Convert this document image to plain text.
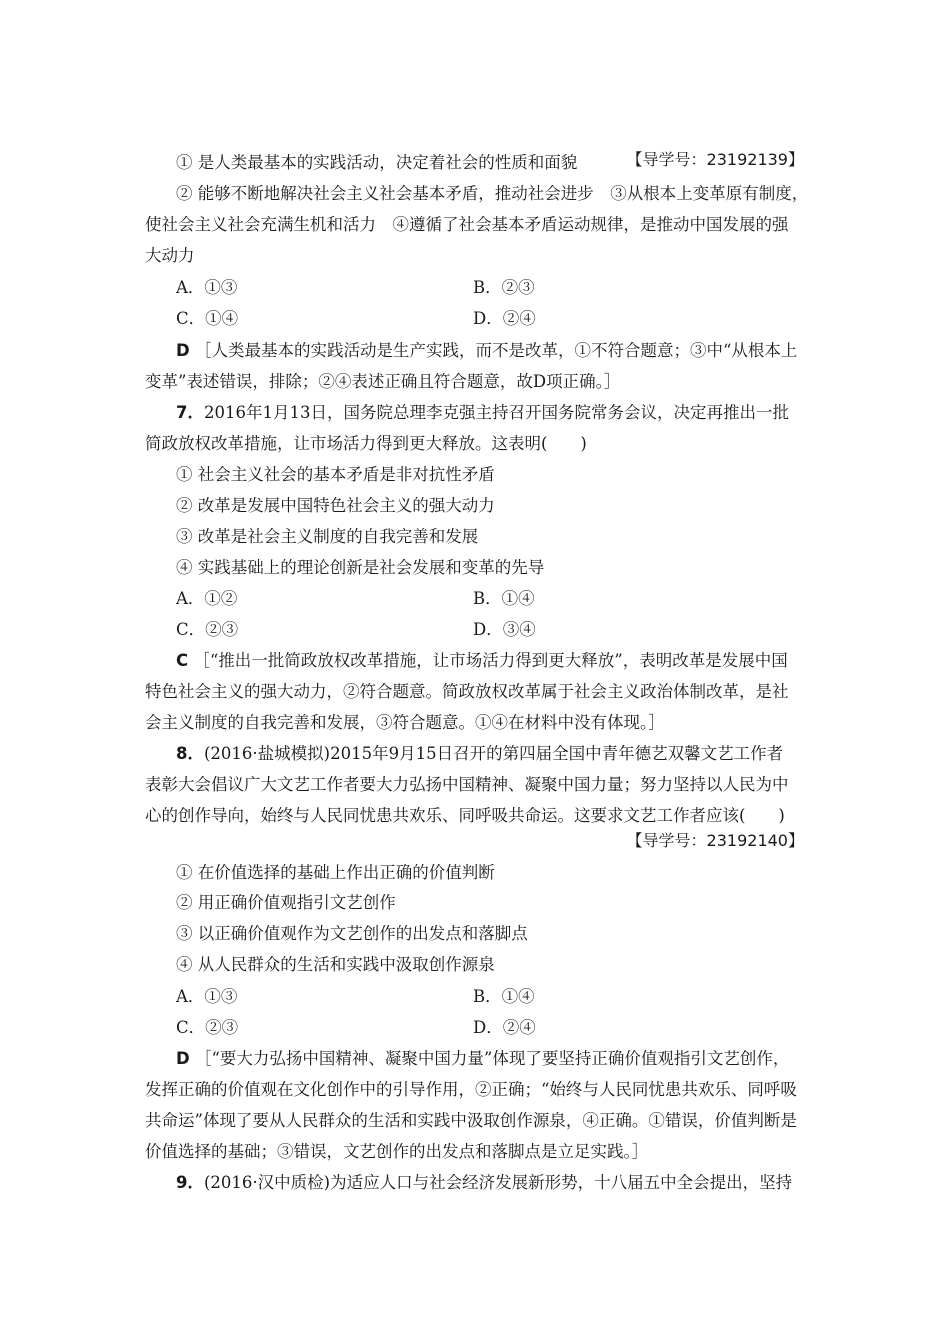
【导学号：23192139】
① 是人类最基本的实践活动，决定着社会的性质和面貌
② 能够不断地解决社会主义社会基本矛盾，推动社会进步　③从根本上变革原有制度，
使社会主义社会充满生机和活力　④遵循了社会基本矛盾运动规律，是推动中国发展的强
大动力
A．①③	B．②③
C．①④	D．②④
D ［人类最基本的实践活动是生产实践，而不是改革，①不符合题意；③中“从根本上
变革”表述错误，排除；②④表述正确且符合题意，故D项正确。］
7．2016年1月13日，国务院总理李克强主持召开国务院常务会议，决定再推出一批
简政放权改革措施，让市场活力得到更大释放。这表明(　　)
① 社会主义社会的基本矛盾是非对抗性矛盾
② 改革是发展中国特色社会主义的强大动力
③ 改革是社会主义制度的自我完善和发展
④ 实践基础上的理论创新是社会发展和变革的先导
A．①②	B．①④
C．②③	D．③④
C ［“推出一批简政放权改革措施，让市场活力得到更大释放”，表明改革是发展中国
特色社会主义的强大动力，②符合题意。简政放权改革属于社会主义政治体制改革，是社
会主义制度的自我完善和发展，③符合题意。①④在材料中没有体现。］
8．(2016·盐城模拟)2015年9月15日召开的第四届全国中青年德艺双馨文艺工作者
表彰大会倡议广大文艺工作者要大力弘扬中国精神、凝聚中国力量；努力坚持以人民为中
心的创作导向，始终与人民同忧患共欢乐、同呼吸共命运。这要求文艺工作者应该(　　)
【导学号：23192140】
① 在价值选择的基础上作出正确的价值判断
② 用正确价值观指引文艺创作
③ 以正确价值观作为文艺创作的出发点和落脚点
④ 从人民群众的生活和实践中汲取创作源泉
A．①③	B．①④
C．②③	D．②④
D ［“要大力弘扬中国精神、凝聚中国力量”体现了要坚持正确价值观指引文艺创作，
发挥正确的价值观在文化创作中的引导作用，②正确；“始终与人民同忧患共欢乐、同呼吸
共命运”体现了要从人民群众的生活和实践中汲取创作源泉，④正确。①错误，价值判断是
价值选择的基础；③错误，文艺创作的出发点和落脚点是立足实践。］
9．(2016·汉中质检)为适应人口与社会经济发展新形势，十八届五中全会提出，坚持
